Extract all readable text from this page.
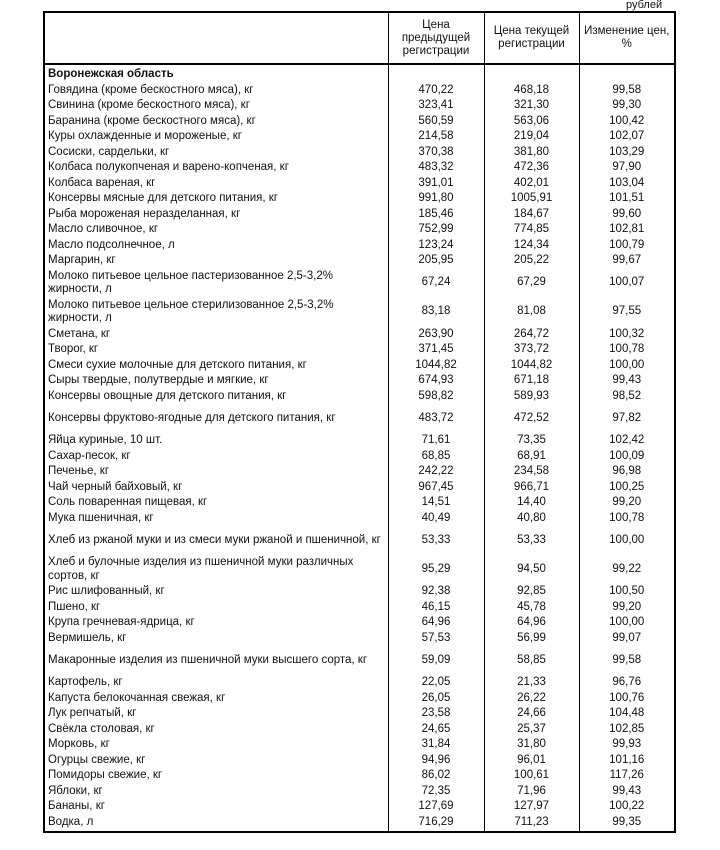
рублей
	Цена предыдущей регистрации	Цена текущей регистрации	Изменение цен, %
Воронежская область			
Говядина (кроме бескостного мяса), кг	470,22	468,18	99,58
Свинина (кроме бескостного мяса), кг	323,41	321,30	99,30
Баранина (кроме бескостного мяса), кг	560,59	563,06	100,42
Куры охлажденные и мороженые, кг	214,58	219,04	102,07
Сосиски, сардельки, кг	370,38	381,80	103,29
Колбаса полукопченая и варено-копченая, кг	483,32	472,36	97,90
Колбаса вареная, кг	391,01	402,01	103,04
Консервы мясные для детского питания, кг	991,80	1005,91	101,51
Рыба мороженая неразделанная, кг	185,46	184,67	99,60
Масло сливочное, кг	752,99	774,85	102,81
Масло подсолнечное, л	123,24	124,34	100,79
Маргарин, кг	205,95	205,22	99,67
Молоко питьевое цельное пастеризованное 2,5-3,2% жирности, л	67,24	67,29	100,07
Молоко питьевое цельное стерилизованное 2,5-3,2% жирности, л	83,18	81,08	97,55
Сметана, кг	263,90	264,72	100,32
Творог, кг	371,45	373,72	100,78
Смеси сухие молочные для детского питания, кг	1044,82	1044,82	100,00
Сыры твердые, полутвердые и мягкие, кг	674,93	671,18	99,43
Консервы овощные для детского питания, кг	598,82	589,93	98,52
Консервы фруктово-ягодные для детского питания, кг	483,72	472,52	97,82
Яйца куриные, 10 шт.	71,61	73,35	102,42
Сахар-песок, кг	68,85	68,91	100,09
Печенье, кг	242,22	234,58	96,98
Чай черный байховый, кг	967,45	966,71	100,25
Соль поваренная пищевая, кг	14,51	14,40	99,20
Мука пшеничная, кг	40,49	40,80	100,78
Хлеб из ржаной муки и из смеси муки ржаной и пшеничной, кг	53,33	53,33	100,00
Хлеб и булочные изделия из пшеничной муки различных сортов, кг	95,29	94,50	99,22
Рис шлифованный, кг	92,38	92,85	100,50
Пшено, кг	46,15	45,78	99,20
Крупа гречневая-ядрица, кг	64,96	64,96	100,00
Вермишель, кг	57,53	56,99	99,07
Макаронные изделия из пшеничной муки высшего сорта, кг	59,09	58,85	99,58
Картофель, кг	22,05	21,33	96,76
Капуста белокочанная свежая, кг	26,05	26,22	100,76
Лук репчатый, кг	23,58	24,66	104,48
Свёкла столовая, кг	24,65	25,37	102,85
Морковь, кг	31,84	31,80	99,93
Огурцы свежие, кг	94,96	96,01	101,16
Помидоры свежие, кг	86,02	100,61	117,26
Яблоки, кг	72,35	71,96	99,43
Бананы, кг	127,69	127,97	100,22
Водка, л	716,29	711,23	99,35
